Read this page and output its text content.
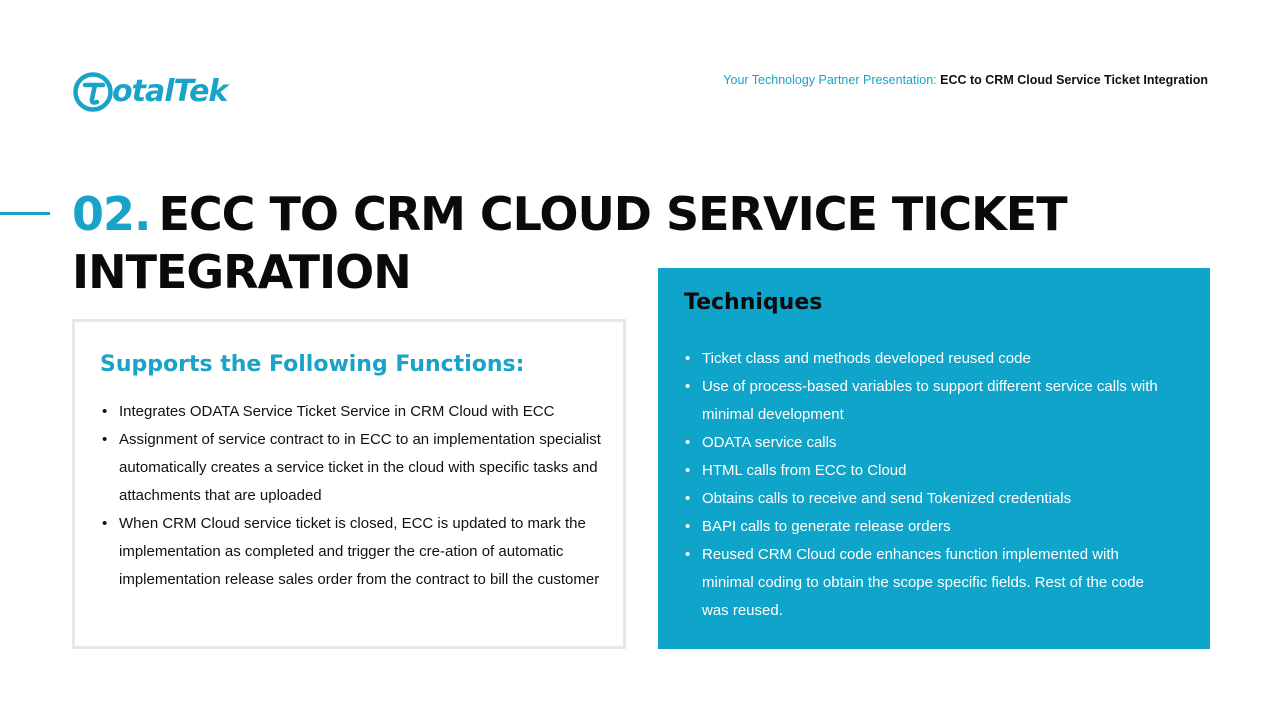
otalTek	Your Technology Partner Presentation: ECC to CRM Cloud Service Ticket Integration
02. ECC TO CRM CLOUD SERVICE TICKET INTEGRATION
Supports the Following Functions:
• Integrates ODATA Service Ticket Service in CRM Cloud with ECC
• Assignment of service contract to in ECC to an implementation specialist automatically creates a service ticket in the cloud with specific tasks and attachments that are uploaded
• When CRM Cloud service ticket is closed, ECC is updated to mark the implementation as completed and trigger the cre-ation of automatic implementation release sales order from the contract to bill the customer
Techniques
• Ticket class and methods developed reused code
• Use of process-based variables to support different service calls with minimal development
• ODATA service calls
• HTML calls from ECC to Cloud
• Obtains calls to receive and send Tokenized credentials
• BAPI calls to generate release orders
• Reused CRM Cloud code enhances function implemented with minimal coding to obtain the scope specific fields. Rest of the code was reused.
